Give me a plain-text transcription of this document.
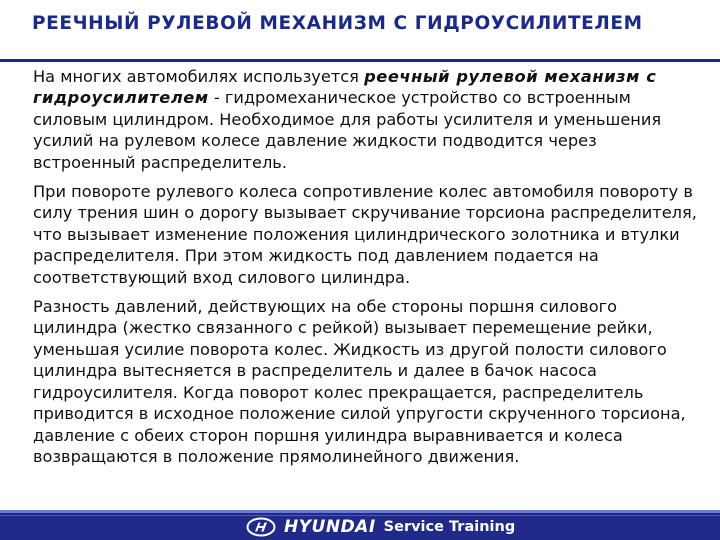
РЕЕЧНЫЙ РУЛЕВОЙ МЕХАНИЗМ С ГИДРОУСИЛИТЕЛЕМ

На многих автомобилях используется реечный рулевой механизм с гидроусилителем - гидромеханическое устройство со встроенным силовым цилиндром. Необходимое для работы усилителя и уменьшения усилий на рулевом колесе давление жидкости подводится через встроенный распределитель.

При повороте рулевого колеса сопротивление колес автомобиля повороту в силу трения шин о дорогу вызывает скручивание торсиона распределителя, что вызывает изменение положения цилиндрического золотника и втулки распределителя. При этом жидкость под давлением подается на соответствующий вход силового цилиндра.

Разность давлений, действующих на обе стороны поршня силового цилиндра (жестко связанного с рейкой) вызывает перемещение рейки, уменьшая усилие поворота колес. Жидкость из другой полости силового цилиндра вытесняется в распределитель и далее в бачок насоса гидроусилителя. Когда поворот колес прекращается, распределитель приводится в исходное положение силой упругости скрученного торсиона, давление с обеих сторон поршня уилиндра выравнивается и колеса возвращаются в положение прямолинейного движения.

HYUNDAI Service Training
